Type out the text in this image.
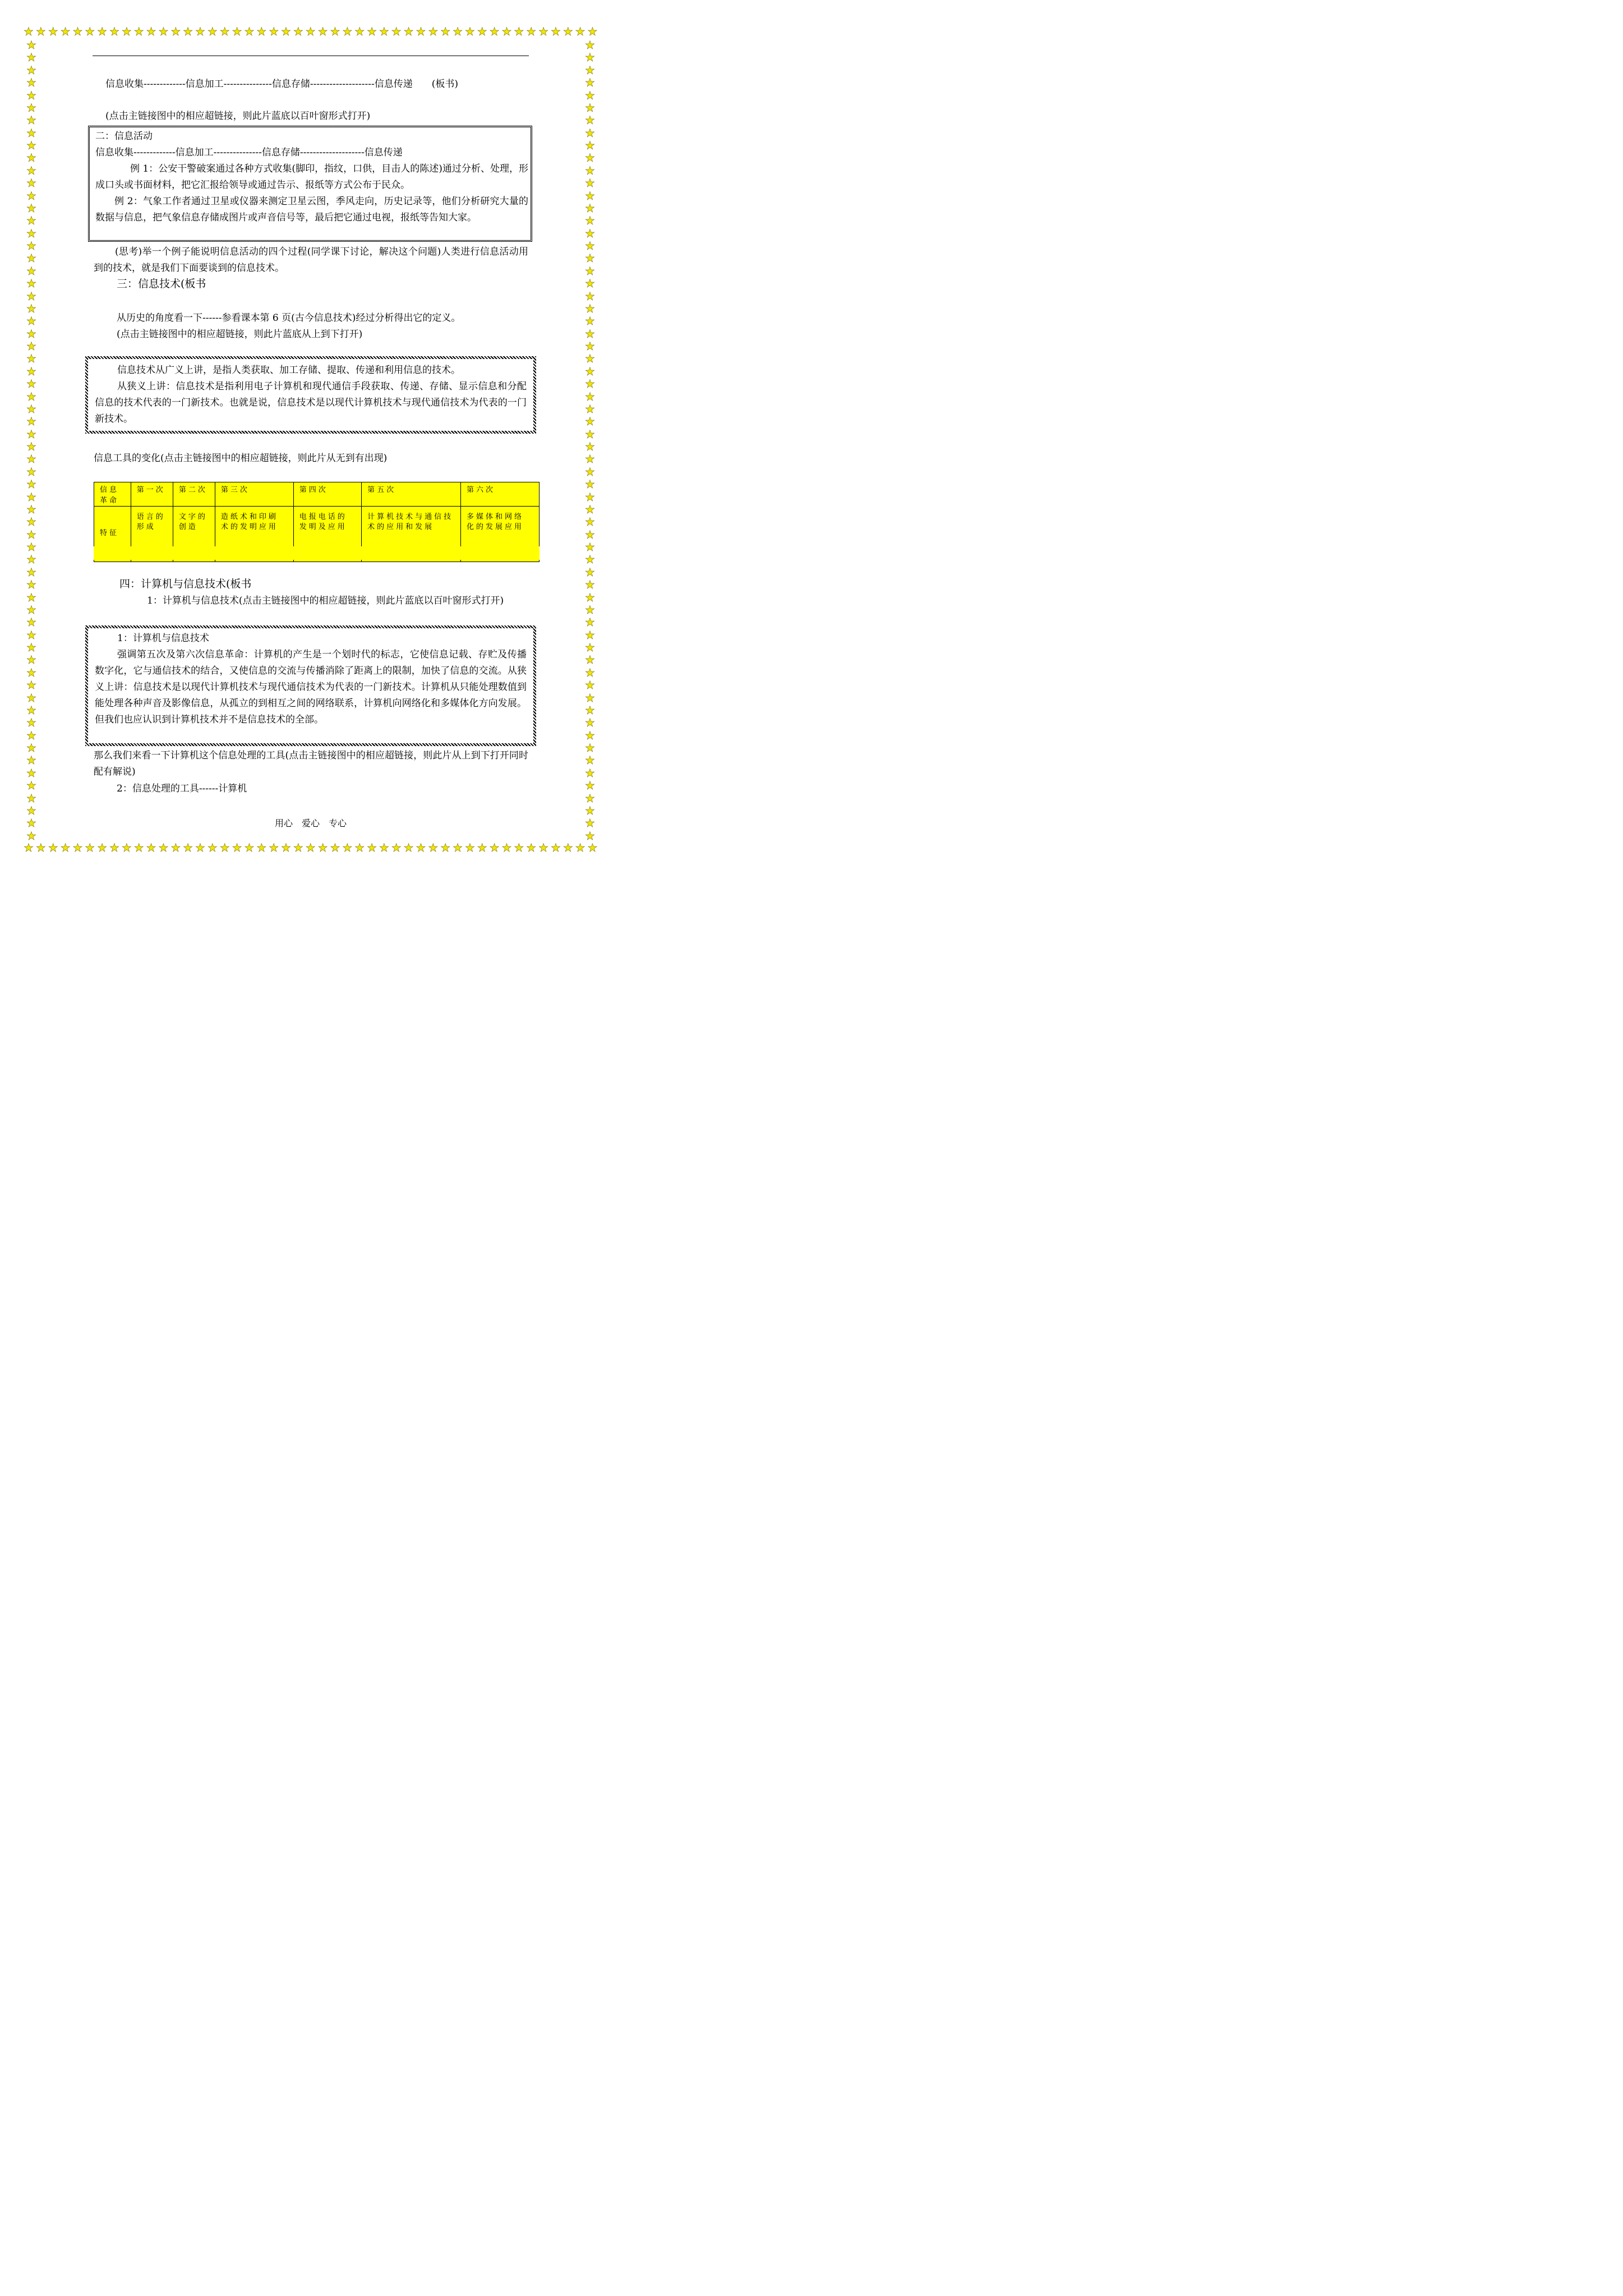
★ ★ ★ ★ ★ ★ ★ ★ ★ ★ ★ ★ ★ ★ ★ ★ ★ ★ ★ ★ ★ ★ ★ ★ ★ ★ ★ ★ ★ ★ ★ ★ ★ ★ ★ ★ ★ ★ ★ ★ ★ ★ ★ ★ ★ ★ ★
★ ★ ★ ★ ★ ★ ★ ★ ★ ★ ★ ★ ★ ★ ★ ★ ★ ★ ★ ★ ★ ★ ★ ★ ★ ★ ★ ★ ★ ★ ★ ★ ★ ★ ★ ★ ★ ★ ★ ★ ★ ★ ★ ★ ★ ★ ★
★
★
★
★
★
★
★
★
★
★
★
★
★
★
★
★
★
★
★
★
★
★
★
★
★
★
★
★
★
★
★
★
★
★
★
★
★
★
★
★
★
★
★
★
★
★
★
★
★
★
★
★
★
★
★
★
★
★
★
★
★
★
★
★
★
★
★
★
★
★
★
★
★
★
★
★
★
★
★
★
★
★
★
★
★
★
★
★
★
★
★
★
★
★
★
★
★
★
★
★
★
★
★
★
★
★
★
★
★
★
★
★
★
★
★
★
★
★
★
★
★
★
★
★
★
★
★
★
信息收集-------------信息加工---------------信息存储--------------------信息传递　　(板书)
(点击主链接图中的相应超链接，则此片蓝底以百叶窗形式打开)
二：信息活动
信息收集-------------信息加工---------------信息存储--------------------信息传递
例 1：公安干警破案通过各种方式收集(脚印，指纹，口供，目击人的陈述)通过分析、处理，形成口头或书面材料，把它汇报给领导或通过告示、报纸等方式公布于民众。
例 2：气象工作者通过卫星或仪器来测定卫星云图，季风走向，历史记录等，他们分析研究大量的数据与信息，把气象信息存储成图片或声音信号等，最后把它通过电视，报纸等告知大家。
(思考)举一个例子能说明信息活动的四个过程(同学课下讨论，解决这个问题)人类进行信息活动用到的技术，就是我们下面要谈到的信息技术。
三：信息技术(板书
从历史的角度看一下------参看课本第 6 页(古今信息技术)经过分析得出它的定义。
(点击主链接图中的相应超链接，则此片蓝底从上到下打开)
信息技术从广义上讲，是指人类获取、加工存储、提取、传递和利用信息的技术。
从狭义上讲：信息技术是指利用电子计算机和现代通信手段获取、传递、存储、显示信息和分配信息的技术代表的一门新技术。也就是说，信息技术是以现代计算机技术与现代通信技术为代表的一门新技术。
信息工具的变化(点击主链接图中的相应超链接，则此片从无到有出现)
信息革命	第一次	第二次	第三次	第四次	第五次	第六次
特征	语言的形成	文字的创造	造纸术和印刷术的发明应用	电报电话的发明及应用	计算机技术与通信技术的应用和发展	多媒体和网络化的发展应用
四：计算机与信息技术(板书
1：计算机与信息技术(点击主链接图中的相应超链接，则此片蓝底以百叶窗形式打开)
1：计算机与信息技术
强调第五次及第六次信息革命：计算机的产生是一个划时代的标志，它使信息记载、存贮及传播数字化，它与通信技术的结合，又使信息的交流与传播消除了距离上的限制，加快了信息的交流。从狭义上讲：信息技术是以现代计算机技术与现代通信技术为代表的一门新技术。计算机从只能处理数值到能处理各种声音及影像信息，从孤立的到相互之间的网络联系，计算机向网络化和多媒体化方向发展。但我们也应认识到计算机技术并不是信息技术的全部。
那么我们来看一下计算机这个信息处理的工具(点击主链接图中的相应超链接，则此片从上到下打开同时配有解说)
2：信息处理的工具------计算机
用心　爱心　专心
